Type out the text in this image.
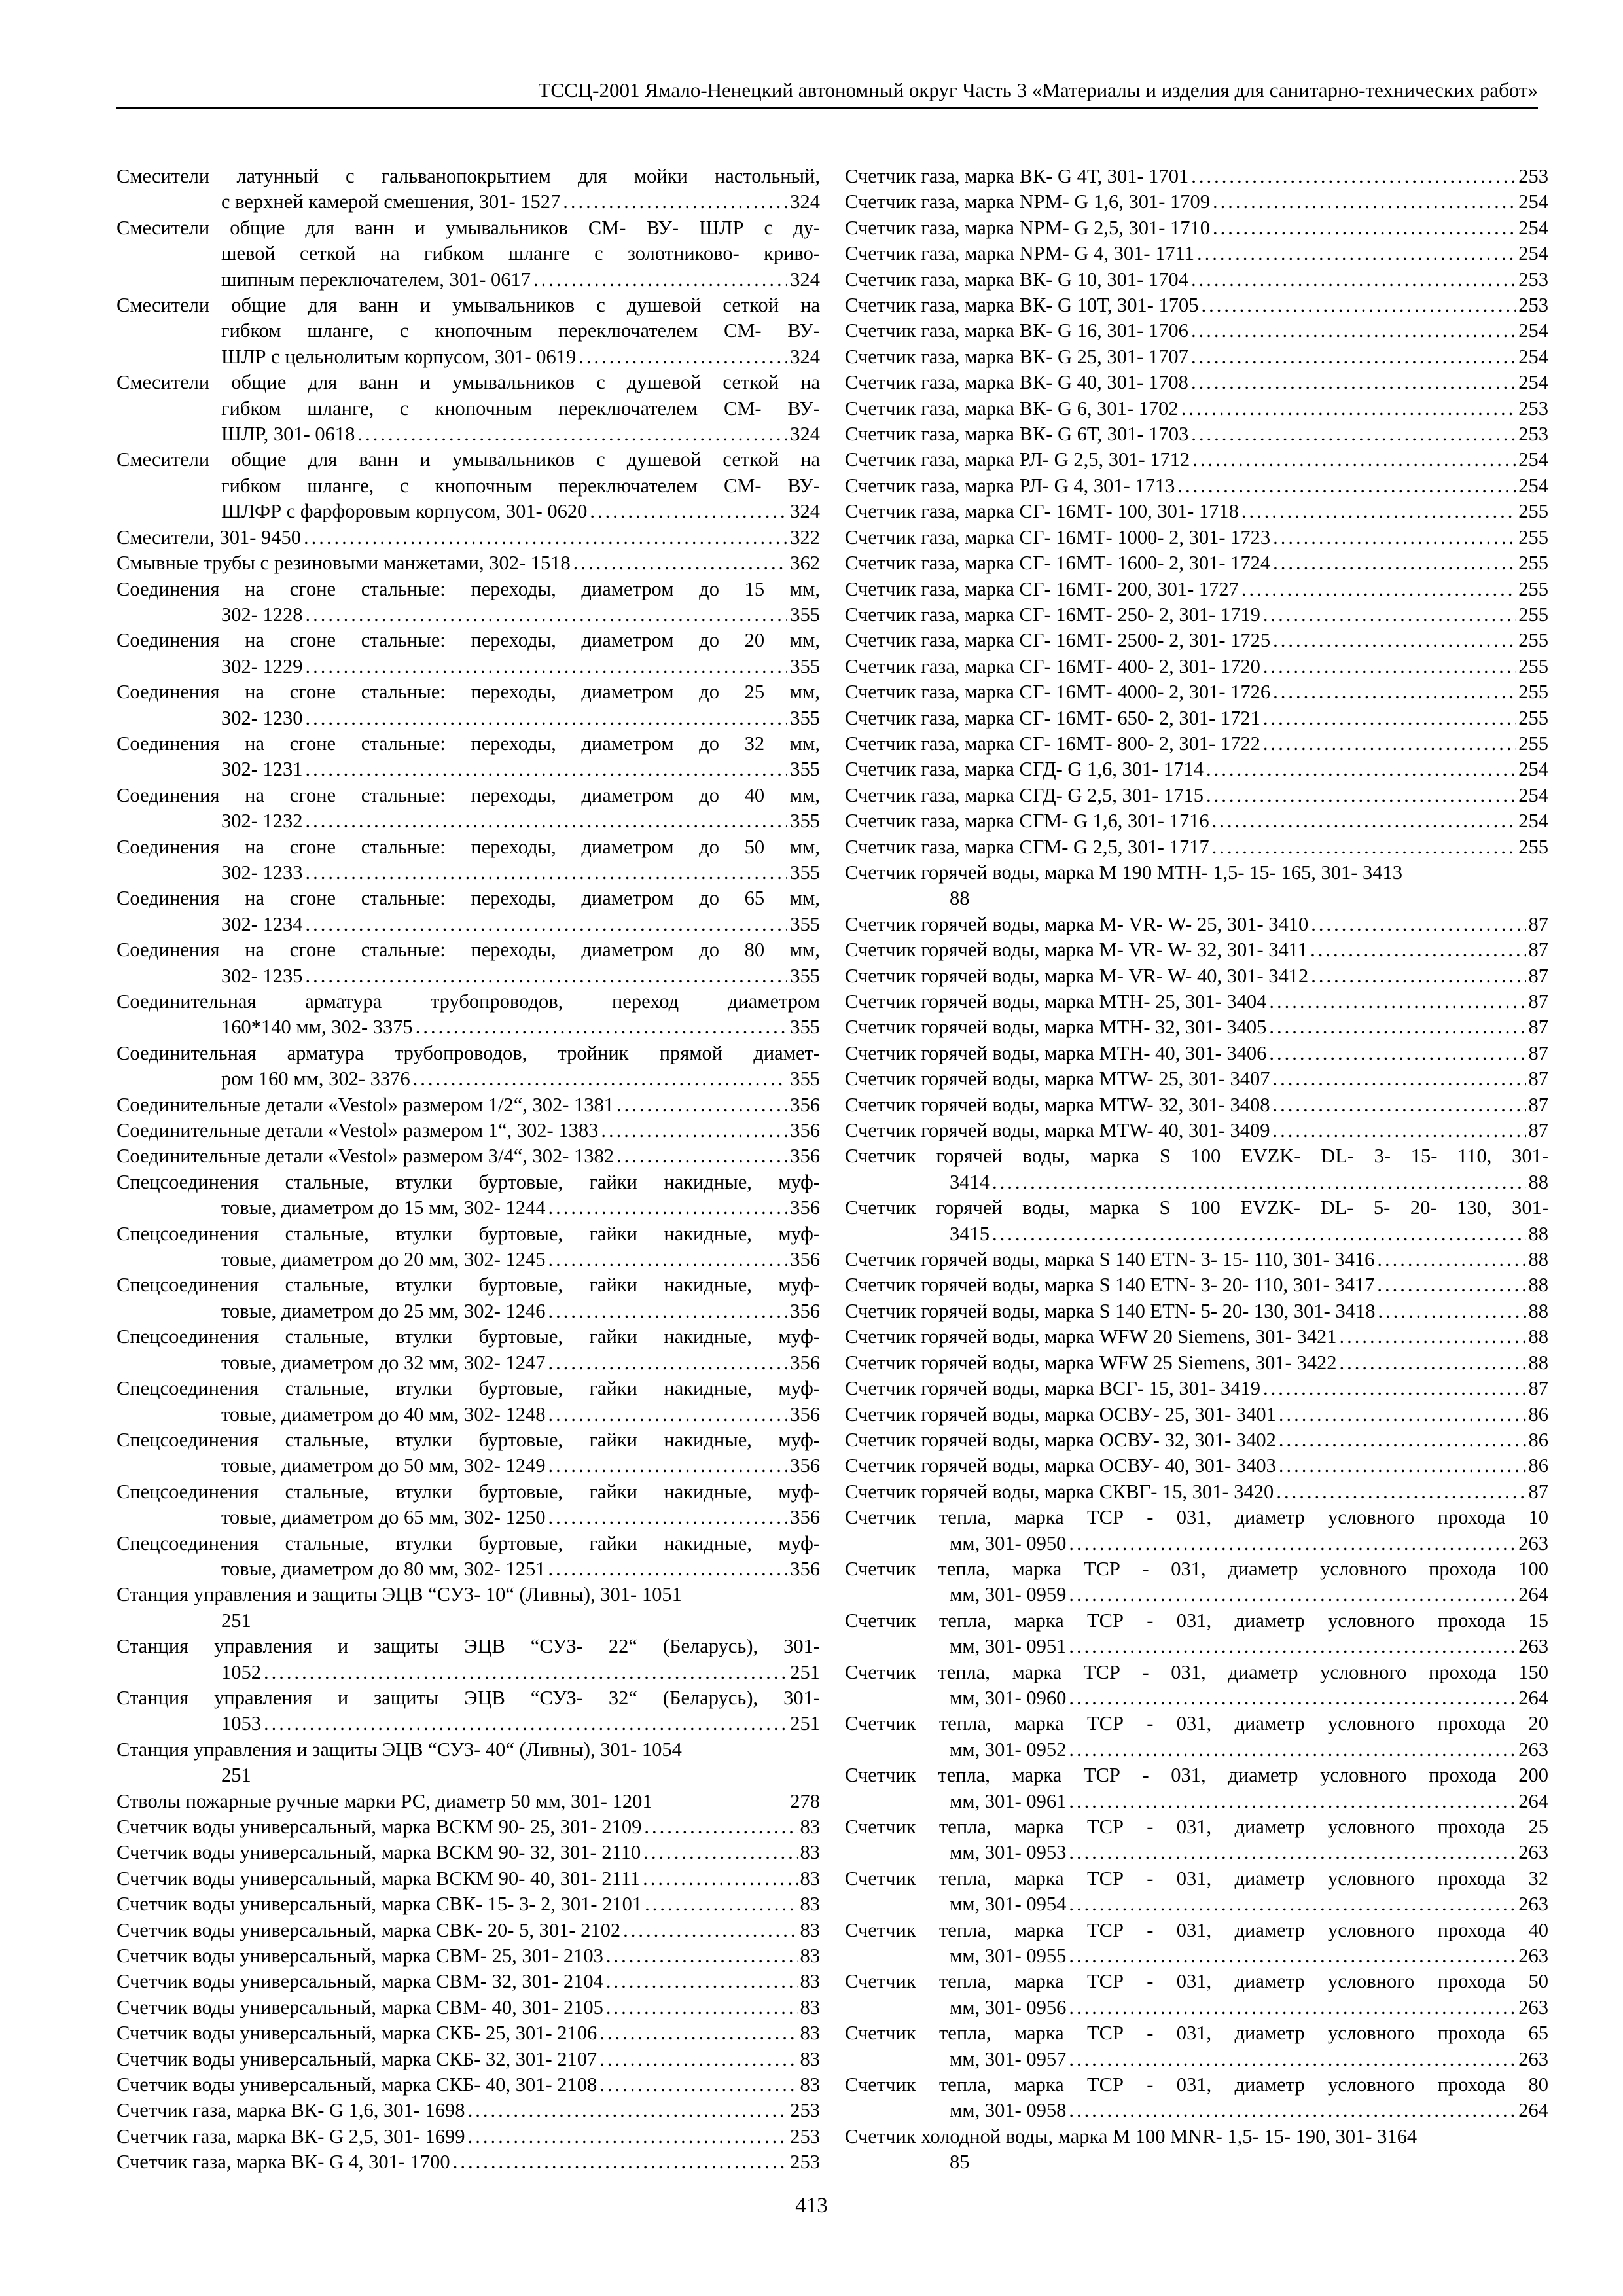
ТССЦ-2001 Ямало-Ненецкий автономный округ Часть 3 «Материалы и изделия для санитарно-технических работ»
Смесители латунный с гальванопокрытием для мойки настольный,
с верхней камерой смешения, 301- 1527 .....	324
Смесители общие для ванн и умывальников СМ- ВУ- ШЛР с ду-
шевой сеткой на гибком шланге с золотниково- криво-
шипным переключателем, 301- 0617 .....	324
Смесители общие для ванн и умывальников с душевой сеткой на
гибком шланге, с кнопочным переключателем СМ- ВУ-
ШЛР с цельнолитым корпусом, 301- 0619 .....	324
Смесители общие для ванн и умывальников с душевой сеткой на
гибком шланге, с кнопочным переключателем СМ- ВУ-
ШЛР, 301- 0618 .....	324
Смесители общие для ванн и умывальников с душевой сеткой на
гибком шланге, с кнопочным переключателем СМ- ВУ-
ШЛФР с фарфоровым корпусом, 301- 0620 .....	324
Смесители, 301- 9450 .....	322
Смывные трубы с резиновыми манжетами, 302- 1518 .....	362
Соединения на сгоне стальные: переходы, диаметром до 15 мм,
302- 1228 .....	355
Соединения на сгоне стальные: переходы, диаметром до 20 мм,
302- 1229 .....	355
Соединения на сгоне стальные: переходы, диаметром до 25 мм,
302- 1230 .....	355
Соединения на сгоне стальные: переходы, диаметром до 32 мм,
302- 1231 .....	355
Соединения на сгоне стальные: переходы, диаметром до 40 мм,
302- 1232 .....	355
Соединения на сгоне стальные: переходы, диаметром до 50 мм,
302- 1233 .....	355
Соединения на сгоне стальные: переходы, диаметром до 65 мм,
302- 1234 .....	355
Соединения на сгоне стальные: переходы, диаметром до 80 мм,
302- 1235 .....	355
Соединительная арматура трубопроводов, переход диаметром
160*140 мм, 302- 3375 .....	355
Соединительная арматура трубопроводов, тройник прямой диамет-
ром 160 мм, 302- 3376 .....	355
Соединительные детали «Vestol» размером 1/2“, 302- 1381 .....	356
Соединительные детали «Vestol» размером 1“, 302- 1383 .....	356
Соединительные детали «Vestol» размером 3/4“, 302- 1382 .....	356
Спецсоединения стальные, втулки буртовые, гайки накидные, муф-
товые, диаметром до 15 мм, 302- 1244 .....	356
Спецсоединения стальные, втулки буртовые, гайки накидные, муф-
товые, диаметром до 20 мм, 302- 1245 .....	356
Спецсоединения стальные, втулки буртовые, гайки накидные, муф-
товые, диаметром до 25 мм, 302- 1246 .....	356
Спецсоединения стальные, втулки буртовые, гайки накидные, муф-
товые, диаметром до 32 мм, 302- 1247 .....	356
Спецсоединения стальные, втулки буртовые, гайки накидные, муф-
товые, диаметром до 40 мм, 302- 1248 .....	356
Спецсоединения стальные, втулки буртовые, гайки накидные, муф-
товые, диаметром до 50 мм, 302- 1249 .....	356
Спецсоединения стальные, втулки буртовые, гайки накидные, муф-
товые, диаметром до 65 мм, 302- 1250 .....	356
Спецсоединения стальные, втулки буртовые, гайки накидные, муф-
товые, диаметром до 80 мм, 302- 1251 .....	356
Станция управления и защиты ЭЦВ “СУЗ- 10“ (Ливны), 301- 1051
251
Станция управления и защиты ЭЦВ “СУЗ- 22“ (Беларусь), 301-
1052 .....	251
Станция управления и защиты ЭЦВ “СУЗ- 32“ (Беларусь), 301-
1053 .....	251
Станция управления и защиты ЭЦВ “СУЗ- 40“ (Ливны), 301- 1054
251
Стволы пожарные ручные марки РС, диаметр 50 мм, 301- 1201	278
Счетчик воды универсальный, марка ВСКМ 90- 25, 301- 2109 .....	83
Счетчик воды универсальный, марка ВСКМ 90- 32, 301- 2110 .....	83
Счетчик воды универсальный, марка ВСКМ 90- 40, 301- 2111 .....	83
Счетчик воды универсальный, марка СВК- 15- 3- 2, 301- 2101 .....	83
Счетчик воды универсальный, марка СВК- 20- 5, 301- 2102 .....	83
Счетчик воды универсальный, марка СВМ- 25, 301- 2103 .....	83
Счетчик воды универсальный, марка СВМ- 32, 301- 2104 .....	83
Счетчик воды универсальный, марка СВМ- 40, 301- 2105 .....	83
Счетчик воды универсальный, марка СКБ- 25, 301- 2106 .....	83
Счетчик воды универсальный, марка СКБ- 32, 301- 2107 .....	83
Счетчик воды универсальный, марка СКБ- 40, 301- 2108 .....	83
Счетчик газа, марка ВК- G 1,6, 301- 1698 .....	253
Счетчик газа, марка ВК- G 2,5, 301- 1699 .....	253
Счетчик газа, марка ВК- G 4, 301- 1700 .....	253
Счетчик газа, марка ВК- G 4Т, 301- 1701 .....	253
Счетчик газа, марка NPM- G 1,6, 301- 1709 .....	254
Счетчик газа, марка NPM- G 2,5, 301- 1710 .....	254
Счетчик газа, марка NPM- G 4, 301- 1711 .....	254
Счетчик газа, марка ВК- G 10, 301- 1704 .....	253
Счетчик газа, марка ВК- G 10Т, 301- 1705 .....	253
Счетчик газа, марка ВК- G 16, 301- 1706 .....	254
Счетчик газа, марка ВК- G 25, 301- 1707 .....	254
Счетчик газа, марка ВК- G 40, 301- 1708 .....	254
Счетчик газа, марка ВК- G 6, 301- 1702 .....	253
Счетчик газа, марка ВК- G 6Т, 301- 1703 .....	253
Счетчик газа, марка РЛ- G 2,5, 301- 1712 .....	254
Счетчик газа, марка РЛ- G 4, 301- 1713 .....	254
Счетчик газа, марка СГ- 16МТ- 100, 301- 1718 .....	255
Счетчик газа, марка СГ- 16МТ- 1000- 2, 301- 1723 .....	255
Счетчик газа, марка СГ- 16МТ- 1600- 2, 301- 1724 .....	255
Счетчик газа, марка СГ- 16МТ- 200, 301- 1727 .....	255
Счетчик газа, марка СГ- 16МТ- 250- 2, 301- 1719 .....	255
Счетчик газа, марка СГ- 16МТ- 2500- 2, 301- 1725 .....	255
Счетчик газа, марка СГ- 16МТ- 400- 2, 301- 1720 .....	255
Счетчик газа, марка СГ- 16МТ- 4000- 2, 301- 1726 .....	255
Счетчик газа, марка СГ- 16МТ- 650- 2, 301- 1721 .....	255
Счетчик газа, марка СГ- 16МТ- 800- 2, 301- 1722 .....	255
Счетчик газа, марка СГД- G 1,6, 301- 1714 .....	254
Счетчик газа, марка СГД- G 2,5, 301- 1715 .....	254
Счетчик газа, марка СГМ- G 1,6, 301- 1716 .....	254
Счетчик газа, марка СГМ- G 2,5, 301- 1717 .....	255
Счетчик горячей воды, марка М 190 МТН- 1,5- 15- 165, 301- 3413
88
Счетчик горячей воды, марка М- VR- W- 25, 301- 3410 .....	87
Счетчик горячей воды, марка М- VR- W- 32, 301- 3411 .....	87
Счетчик горячей воды, марка М- VR- W- 40, 301- 3412 .....	87
Счетчик горячей воды, марка МТН- 25, 301- 3404 .....	87
Счетчик горячей воды, марка МТН- 32, 301- 3405 .....	87
Счетчик горячей воды, марка МТН- 40, 301- 3406 .....	87
Счетчик горячей воды, марка MTW- 25, 301- 3407 .....	87
Счетчик горячей воды, марка MTW- 32, 301- 3408 .....	87
Счетчик горячей воды, марка MTW- 40, 301- 3409 .....	87
Счетчик горячей воды, марка S 100 EVZK- DL- 3- 15- 110, 301-
3414 .....	88
Счетчик горячей воды, марка S 100 EVZK- DL- 5- 20- 130, 301-
3415 .....	88
Счетчик горячей воды, марка S 140 ETN- 3- 15- 110, 301- 3416 .....	88
Счетчик горячей воды, марка S 140 ETN- 3- 20- 110, 301- 3417 .....	88
Счетчик горячей воды, марка S 140 ETN- 5- 20- 130, 301- 3418 .....	88
Счетчик горячей воды, марка WFW 20 Siemens, 301- 3421 .....	88
Счетчик горячей воды, марка WFW 25 Siemens, 301- 3422 .....	88
Счетчик горячей воды, марка ВСГ- 15, 301- 3419 .....	87
Счетчик горячей воды, марка ОСВУ- 25, 301- 3401 .....	86
Счетчик горячей воды, марка ОСВУ- 32, 301- 3402 .....	86
Счетчик горячей воды, марка ОСВУ- 40, 301- 3403 .....	86
Счетчик горячей воды, марка СКВГ- 15, 301- 3420 .....	87
Счетчик тепла, марка ТСР - 031, диаметр условного прохода 10
мм, 301- 0950 .....	263
Счетчик тепла, марка ТСР - 031, диаметр условного прохода 100
мм, 301- 0959 .....	264
Счетчик тепла, марка ТСР - 031, диаметр условного прохода 15
мм, 301- 0951 .....	263
Счетчик тепла, марка ТСР - 031, диаметр условного прохода 150
мм, 301- 0960 .....	264
Счетчик тепла, марка ТСР - 031, диаметр условного прохода 20
мм, 301- 0952 .....	263
Счетчик тепла, марка ТСР - 031, диаметр условного прохода 200
мм, 301- 0961 .....	264
Счетчик тепла, марка ТСР - 031, диаметр условного прохода 25
мм, 301- 0953 .....	263
Счетчик тепла, марка ТСР - 031, диаметр условного прохода 32
мм, 301- 0954 .....	263
Счетчик тепла, марка ТСР - 031, диаметр условного прохода 40
мм, 301- 0955 .....	263
Счетчик тепла, марка ТСР - 031, диаметр условного прохода 50
мм, 301- 0956 .....	263
Счетчик тепла, марка ТСР - 031, диаметр условного прохода 65
мм, 301- 0957 .....	263
Счетчик тепла, марка ТСР - 031, диаметр условного прохода 80
мм, 301- 0958 .....	264
Счетчик холодной воды, марка М 100 MNR- 1,5- 15- 190, 301- 3164
85
413
